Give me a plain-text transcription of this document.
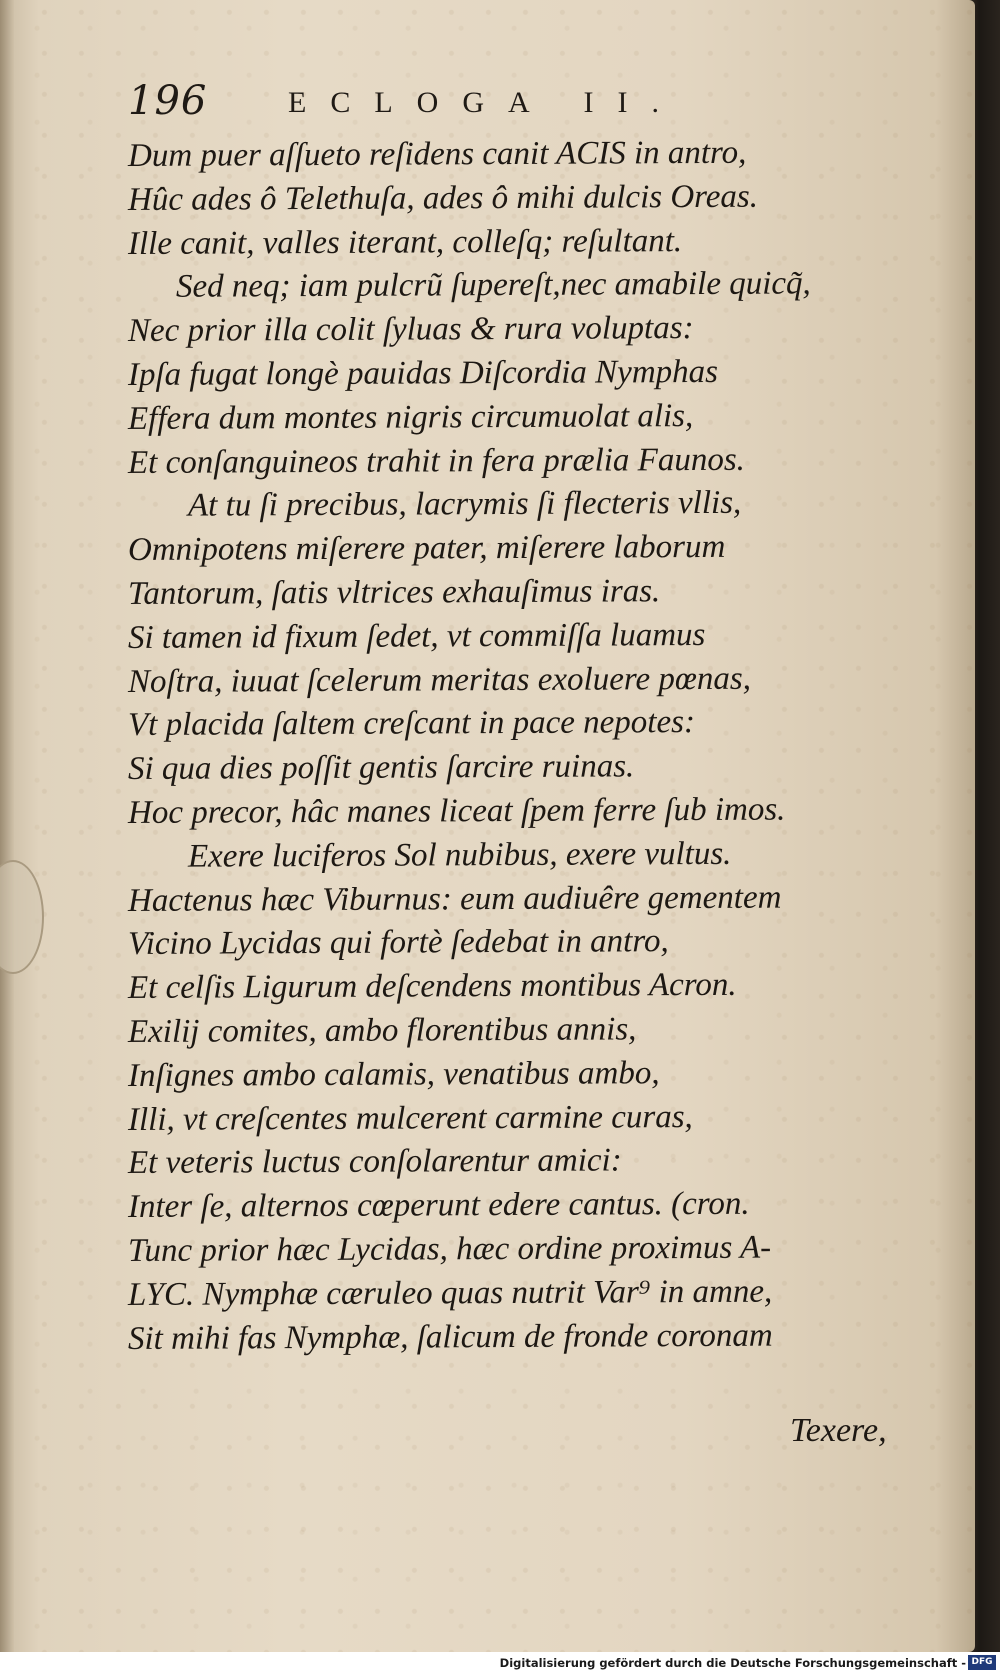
196	ECLOGA II.
Dum puer aſſueto reſidens canit ACIS in antro,
Hûc ades ô Telethuſa, ades ô mihi dulcis Oreas.
Ille canit, valles iterant, colleſq; reſultant.
Sed neq; iam pulcrũ ſupereſt,nec amabile quicq̃,
Nec prior illa colit ſyluas & rura voluptas:
Ipſa fugat longè pauidas Diſcordia Nymphas
Effera dum montes nigris circumuolat alis,
Et conſanguineos trahit in fera prælia Faunos.
At tu ſi precibus, lacrymis ſi flecteris vllis,
Omnipotens miſerere pater, miſerere laborum
Tantorum, ſatis vltrices exhauſimus iras.
Si tamen id fixum ſedet, vt commiſſa luamus
Noſtra, iuuat ſcelerum meritas exoluere pœnas,
Vt placida ſaltem creſcant in pace nepotes:
Si qua dies poſſit gentis ſarcire ruinas.
Hoc precor, hâc manes liceat ſpem ferre ſub imos.
Exere luciferos Sol nubibus, exere vultus.
Hactenus hæc Viburnus: eum audiuêre gementem
Vicino Lycidas qui fortè ſedebat in antro,
Et celſis Ligurum deſcendens montibus Acron.
Exilij comites, ambo florentibus annis,
Inſignes ambo calamis, venatibus ambo,
Illi, vt creſcentes mulcerent carmine curas,
Et veteris luctus conſolarentur amici:
Inter ſe, alternos cœperunt edere cantus. (cron.
Tunc prior hæc Lycidas, hæc ordine proximus A-
LYC. Nymphæ cæruleo quas nutrit Var⁹ in amne,
Sit mihi fas Nymphæ, ſalicum de fronde coronam
Texere,
Digitalisierung gefördert durch die Deutsche Forschungsgemeinschaft - DFG
